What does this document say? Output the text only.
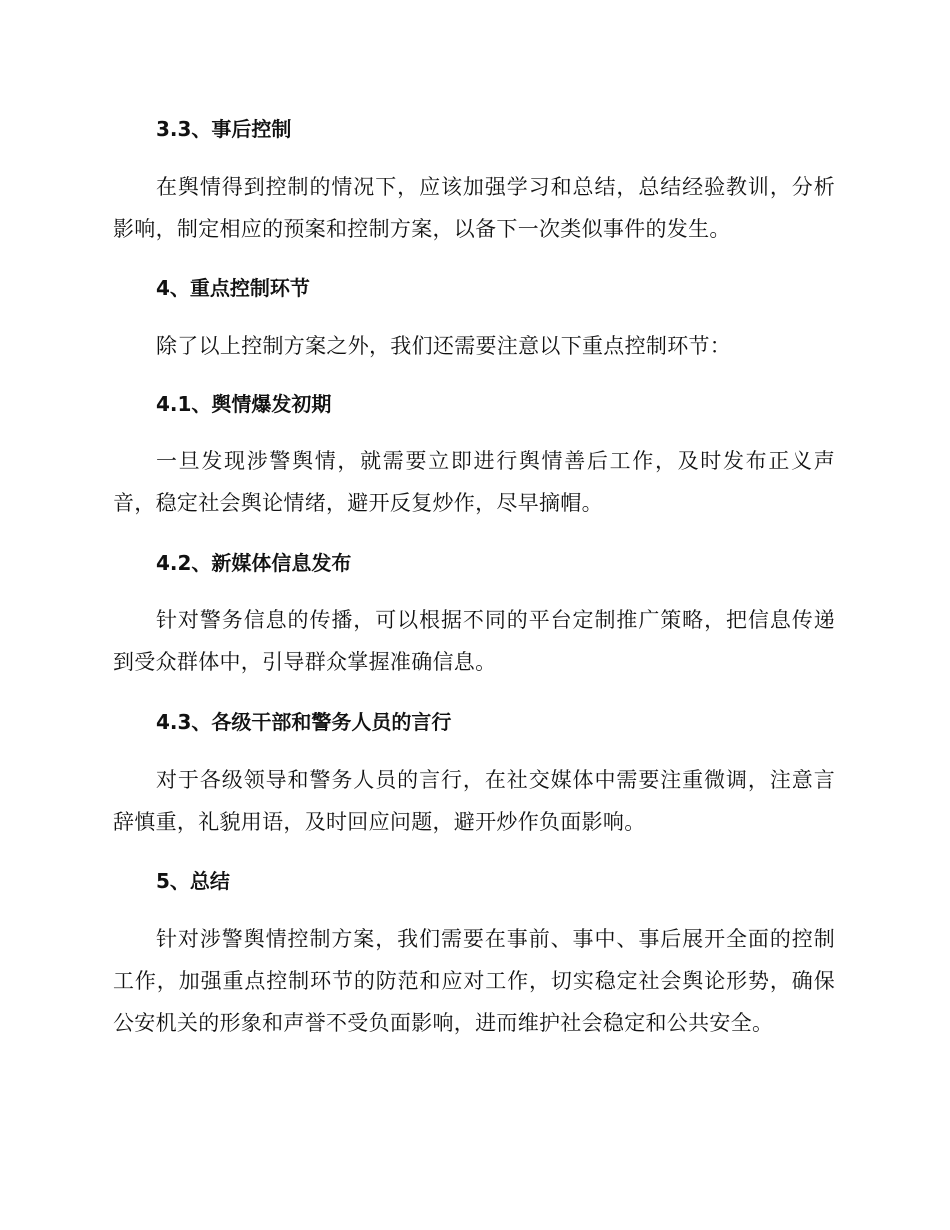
3.3、事后控制

在舆情得到控制的情况下，应该加强学习和总结，总结经验教训，分析影响，制定相应的预案和控制方案，以备下一次类似事件的发生。

4、重点控制环节

除了以上控制方案之外，我们还需要注意以下重点控制环节：

4.1、舆情爆发初期

一旦发现涉警舆情，就需要立即进行舆情善后工作，及时发布正义声音，稳定社会舆论情绪，避开反复炒作，尽早摘帽。

4.2、新媒体信息发布

针对警务信息的传播，可以根据不同的平台定制推广策略，把信息传递到受众群体中，引导群众掌握准确信息。

4.3、各级干部和警务人员的言行

对于各级领导和警务人员的言行，在社交媒体中需要注重微调，注意言辞慎重，礼貌用语，及时回应问题，避开炒作负面影响。

5、总结

针对涉警舆情控制方案，我们需要在事前、事中、事后展开全面的控制工作，加强重点控制环节的防范和应对工作，切实稳定社会舆论形势，确保公安机关的形象和声誉不受负面影响，进而维护社会稳定和公共安全。
